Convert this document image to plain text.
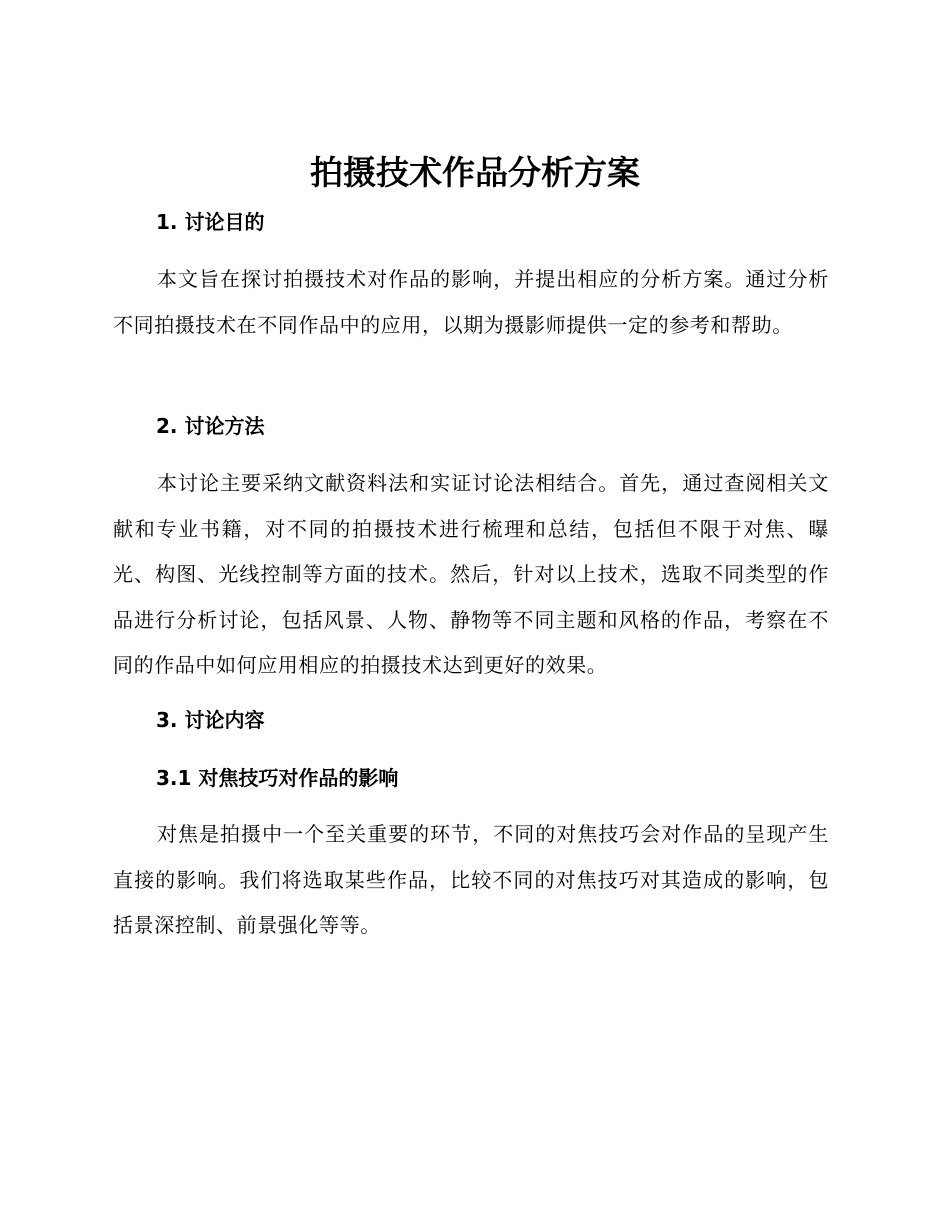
拍摄技术作品分析方案
1. 讨论目的

本文旨在探讨拍摄技术对作品的影响，并提出相应的分析方案。通过分析不同拍摄技术在不同作品中的应用，以期为摄影师提供一定的参考和帮助。

2. 讨论方法

本讨论主要采纳文献资料法和实证讨论法相结合。首先，通过查阅相关文献和专业书籍，对不同的拍摄技术进行梳理和总结，包括但不限于对焦、曝光、构图、光线控制等方面的技术。然后，针对以上技术，选取不同类型的作品进行分析讨论，包括风景、人物、静物等不同主题和风格的作品，考察在不同的作品中如何应用相应的拍摄技术达到更好的效果。

3. 讨论内容
3.1 对焦技巧对作品的影响

对焦是拍摄中一个至关重要的环节，不同的对焦技巧会对作品的呈现产生直接的影响。我们将选取某些作品，比较不同的对焦技巧对其造成的影响，包括景深控制、前景强化等等。
